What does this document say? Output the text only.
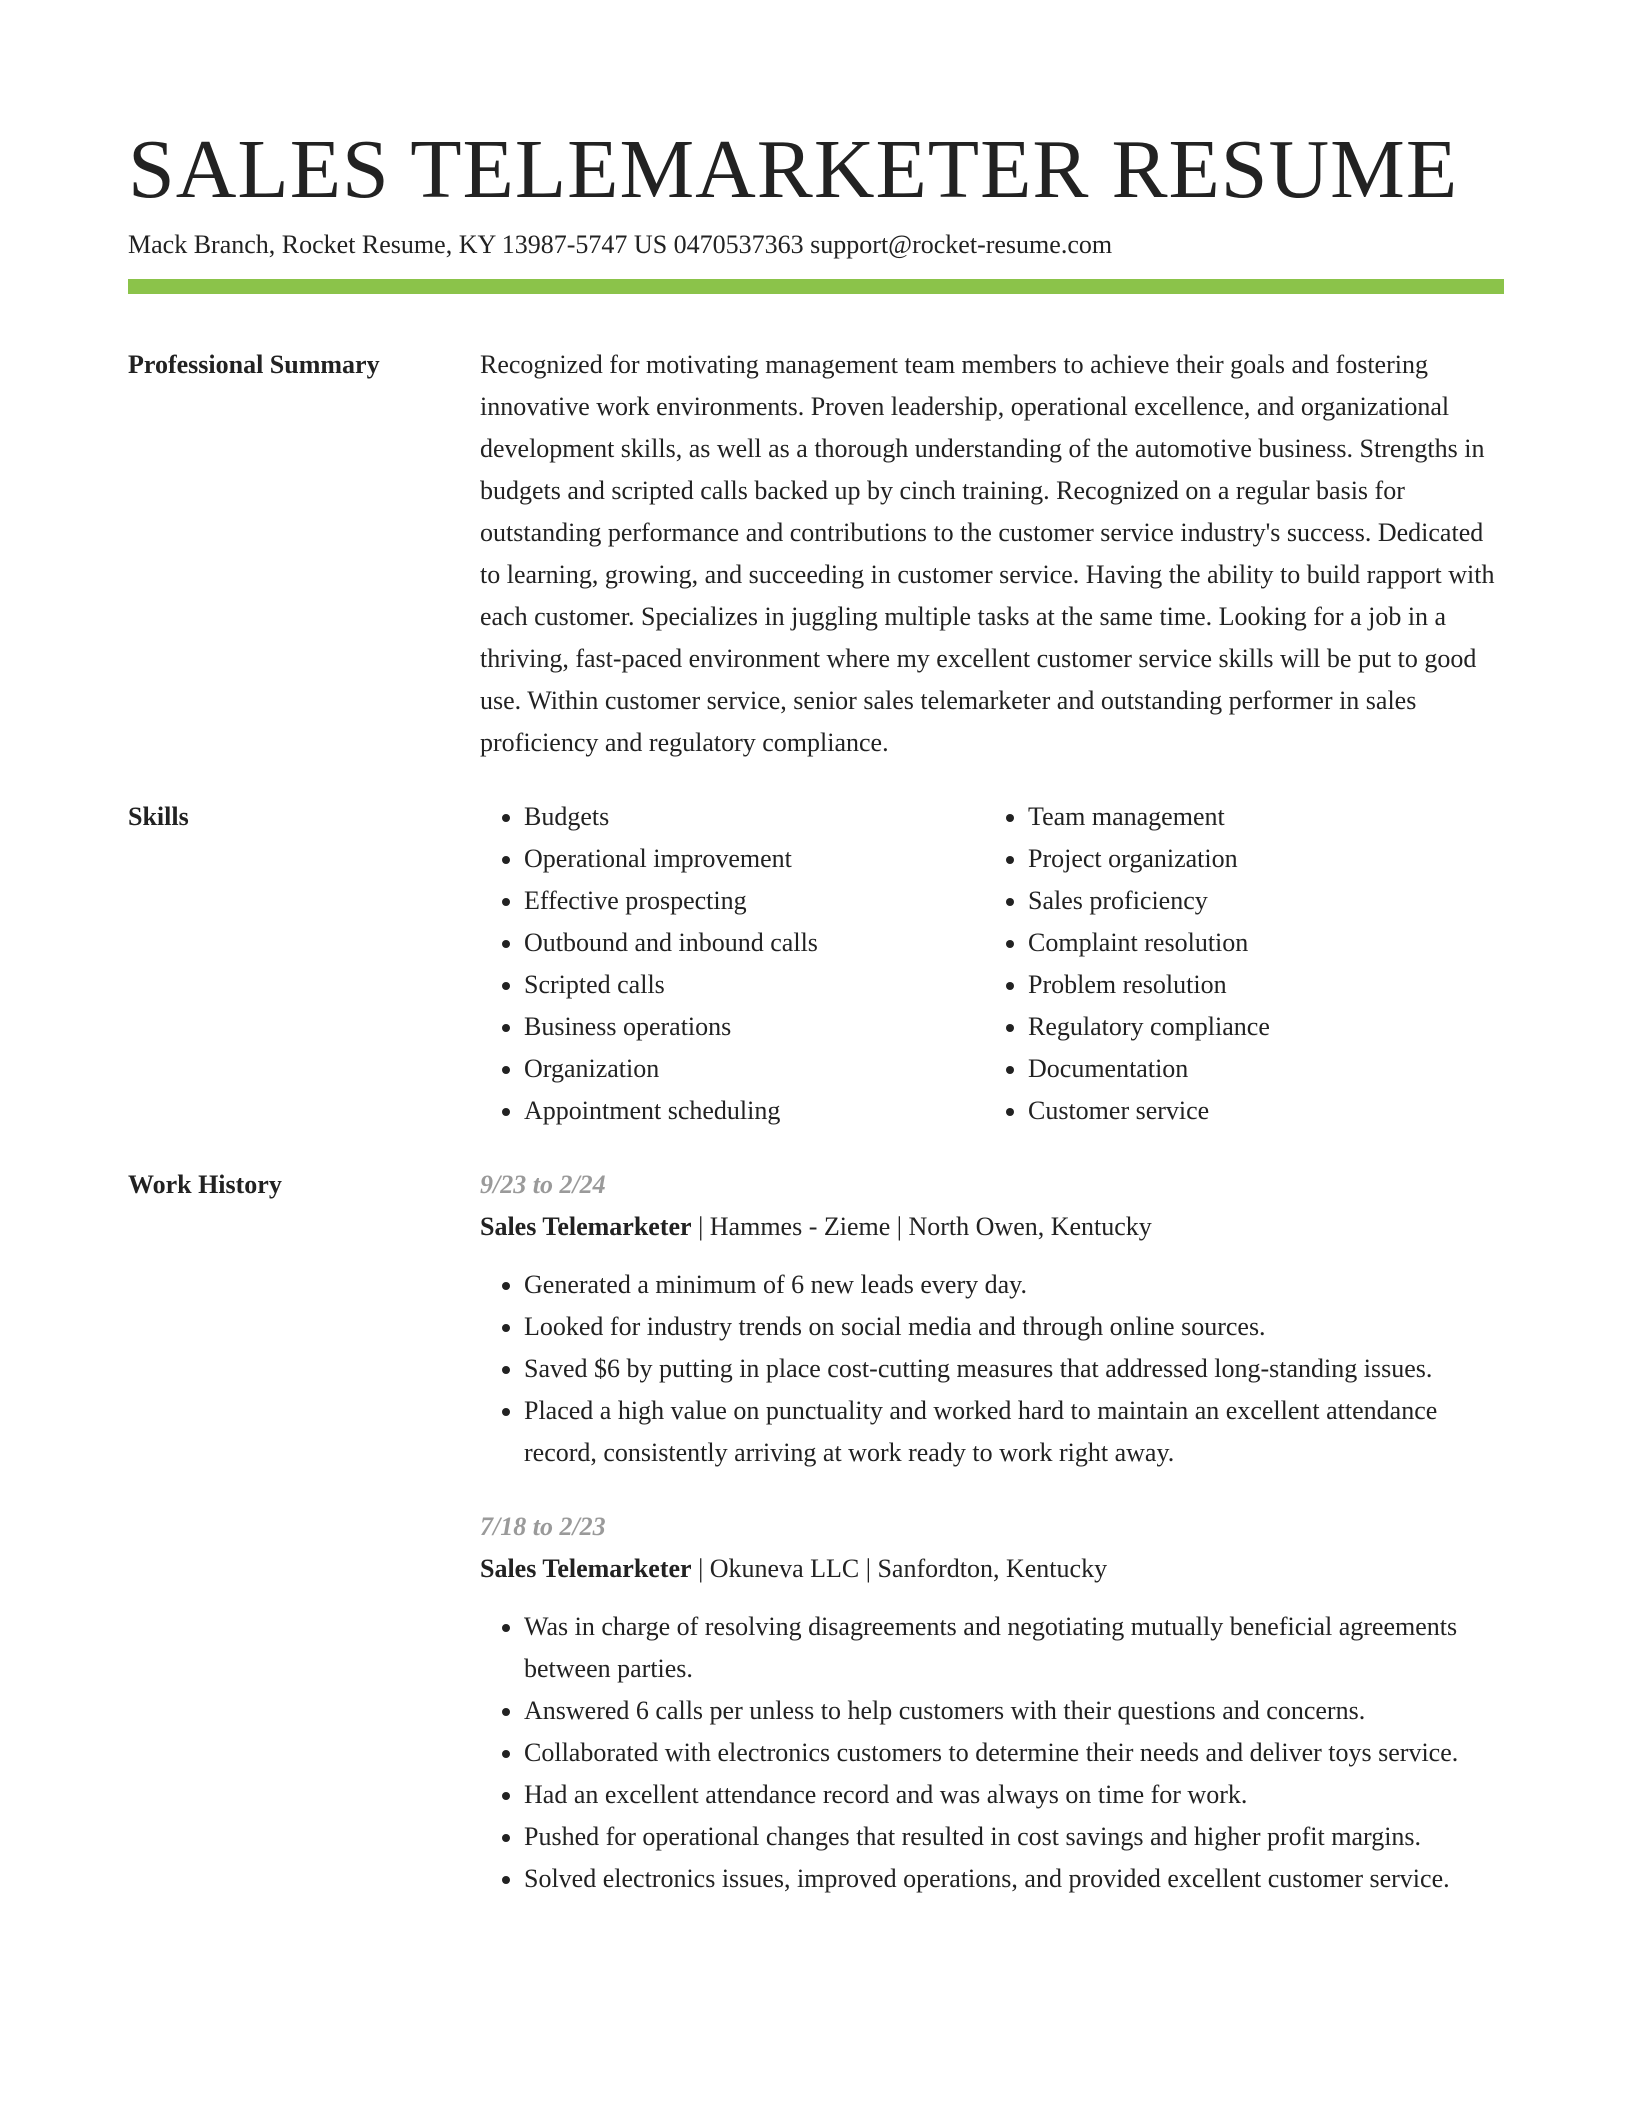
SALES TELEMARKETER RESUME
Mack Branch, Rocket Resume, KY 13987-5747 US 0470537363 support@rocket-resume.com
Professional Summary	Recognized for motivating management team members to achieve their goals and fostering innovative work environments. Proven leadership, operational excellence, and organizational development skills, as well as a thorough understanding of the automotive business. Strengths in budgets and scripted calls backed up by cinch training. Recognized on a regular basis for outstanding performance and contributions to the customer service industry's success. Dedicated to learning, growing, and succeeding in customer service. Having the ability to build rapport with each customer. Specializes in juggling multiple tasks at the same time. Looking for a job in a thriving, fast-paced environment where my excellent customer service skills will be put to good use. Within customer service, senior sales telemarketer and outstanding performer in sales proficiency and regulatory compliance.
Skills
•	Budgets
• Operational improvement
• Effective prospecting
• Outbound and inbound calls
• Scripted calls
• Business operations
• Organization
• Appointment scheduling
• Team management
• Project organization
• Sales proficiency
• Complaint resolution
• Problem resolution
• Regulatory compliance
• Documentation
• Customer service
Work History	9/23 to 2/24
Sales Telemarketer | Hammes - Zieme | North Owen, Kentucky
• Generated a minimum of 6 new leads every day.
• Looked for industry trends on social media and through online sources.
• Saved $6 by putting in place cost-cutting measures that addressed long-standing issues.
• Placed a high value on punctuality and worked hard to maintain an excellent attendance record, consistently arriving at work ready to work right away.
7/18 to 2/23
Sales Telemarketer | Okuneva LLC | Sanfordton, Kentucky
• Was in charge of resolving disagreements and negotiating mutually beneficial agreements between parties.
• Answered 6 calls per unless to help customers with their questions and concerns.
• Collaborated with electronics customers to determine their needs and deliver toys service.
• Had an excellent attendance record and was always on time for work.
• Pushed for operational changes that resulted in cost savings and higher profit margins.
• Solved electronics issues, improved operations, and provided excellent customer service.
